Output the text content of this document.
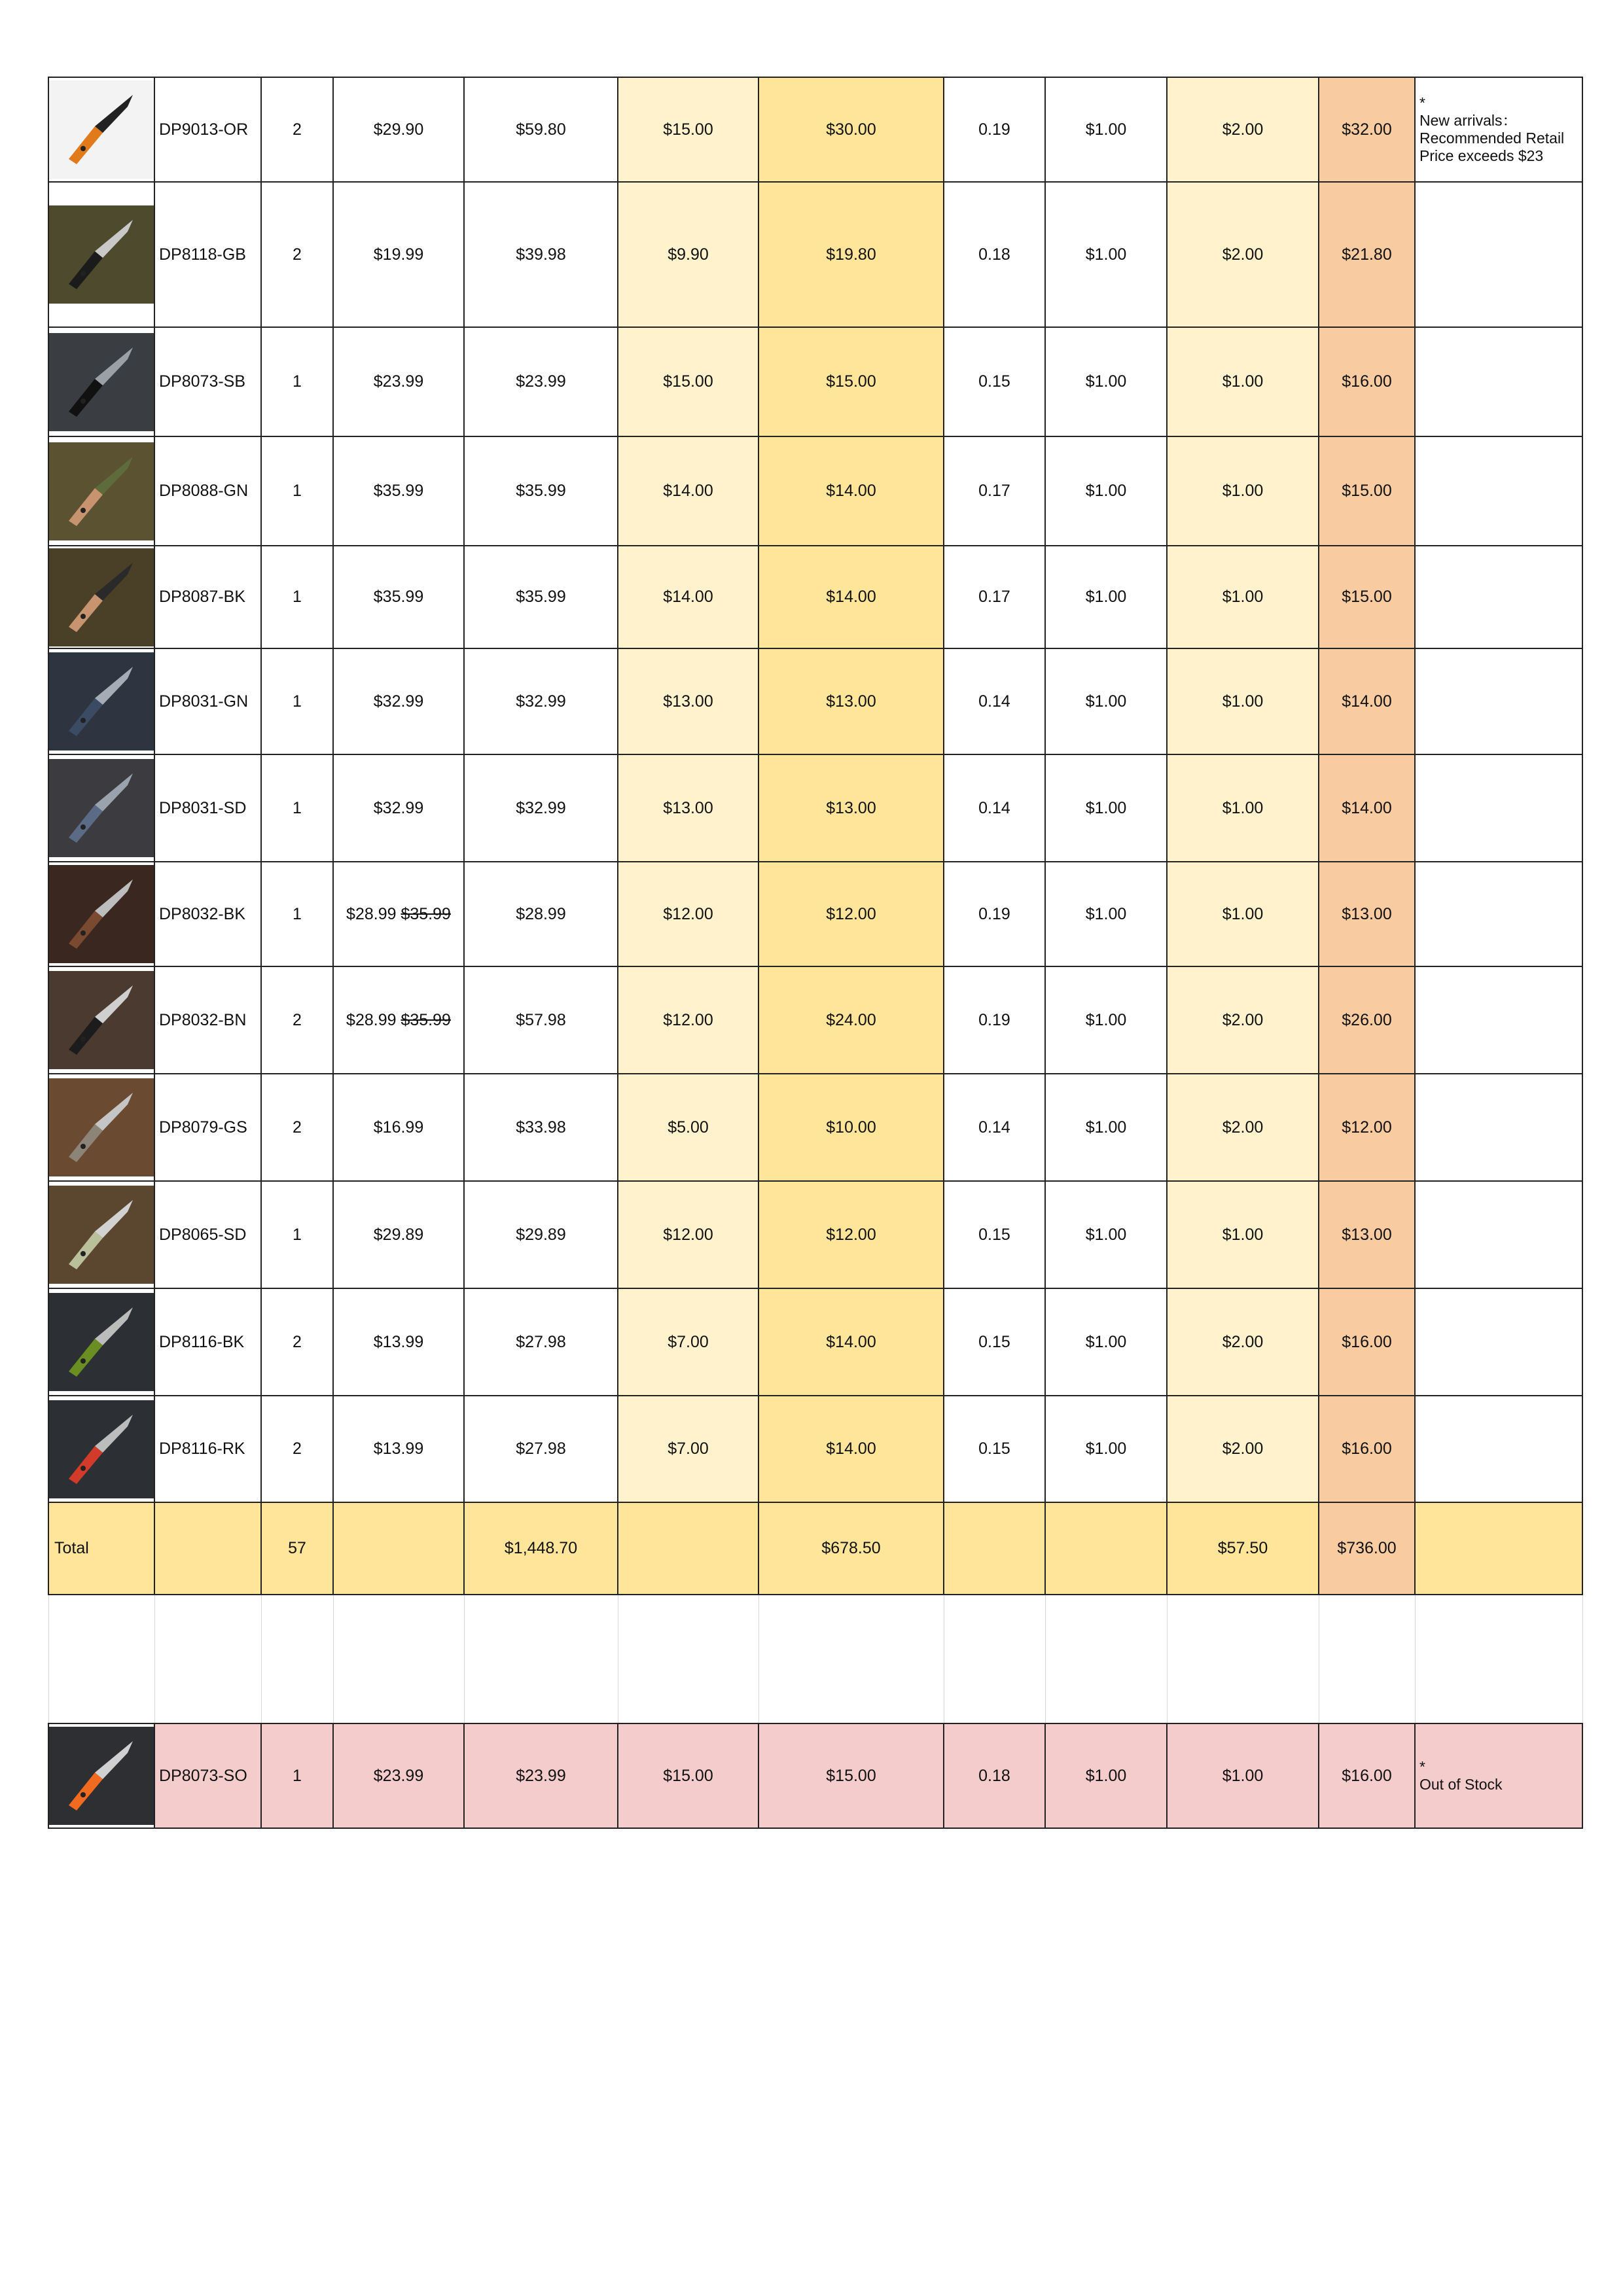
	DP9013-OR	2	$29.90	$59.80	$15.00	$30.00	0.19	$1.00	$2.00	$32.00	*
New arrivals：Recommended Retail Price exceeds $23

	DP8118-GB	2	$19.99	$39.98	$9.90	$19.80	0.18	$1.00	$2.00	$21.80	

	DP8073-SB	1	$23.99	$23.99	$15.00	$15.00	0.15	$1.00	$1.00	$16.00	

	DP8088-GN	1	$35.99	$35.99	$14.00	$14.00	0.17	$1.00	$1.00	$15.00	

	DP8087-BK	1	$35.99	$35.99	$14.00	$14.00	0.17	$1.00	$1.00	$15.00	

	DP8031-GN	1	$32.99	$32.99	$13.00	$13.00	0.14	$1.00	$1.00	$14.00	

	DP8031-SD	1	$32.99	$32.99	$13.00	$13.00	0.14	$1.00	$1.00	$14.00	

	DP8032-BK	1	$28.99 $35.99	$28.99	$12.00	$12.00	0.19	$1.00	$1.00	$13.00	

	DP8032-BN	2	$28.99 $35.99	$57.98	$12.00	$24.00	0.19	$1.00	$2.00	$26.00	

	DP8079-GS	2	$16.99	$33.98	$5.00	$10.00	0.14	$1.00	$2.00	$12.00	

	DP8065-SD	1	$29.89	$29.89	$12.00	$12.00	0.15	$1.00	$1.00	$13.00	

	DP8116-BK	2	$13.99	$27.98	$7.00	$14.00	0.15	$1.00	$2.00	$16.00	

	DP8116-RK	2	$13.99	$27.98	$7.00	$14.00	0.15	$1.00	$2.00	$16.00	
Total		57		$1,448.70		$678.50			$57.50	$736.00	

	DP8073-SO	1	$23.99	$23.99	$15.00	$15.00	0.18	$1.00	$1.00	$16.00	*
Out of Stock
